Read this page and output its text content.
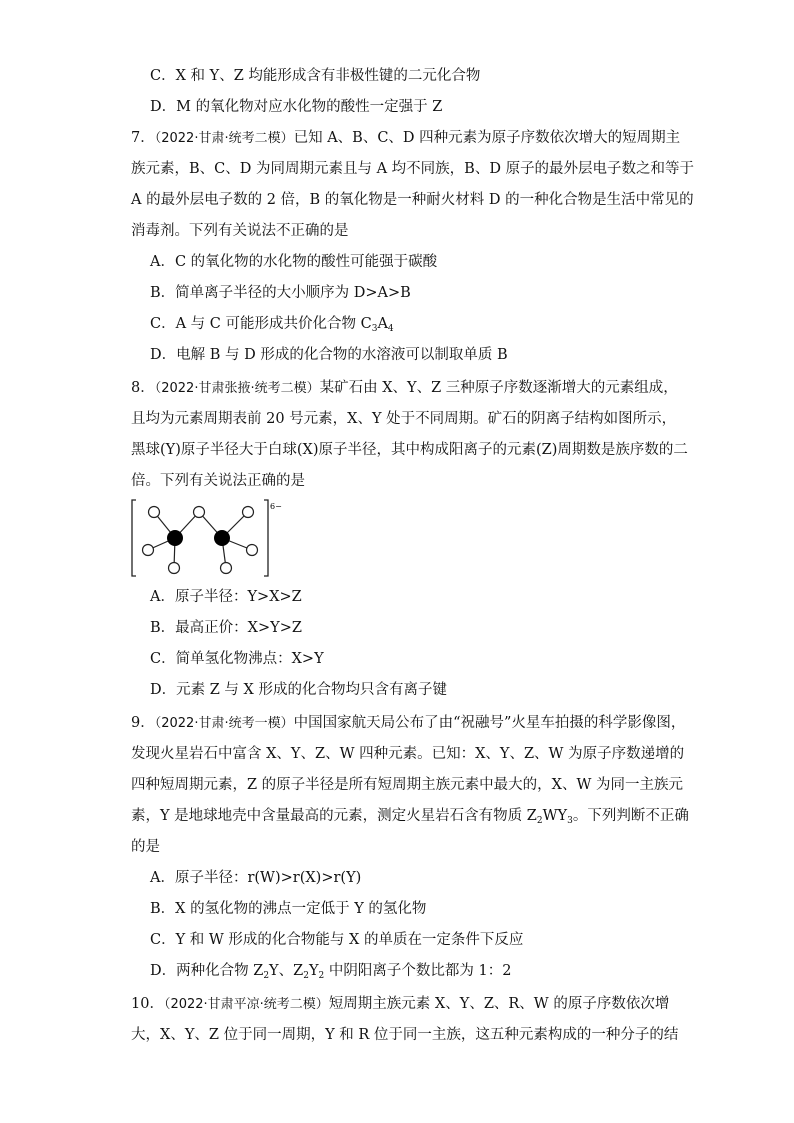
C．X 和 Y、Z 均能形成含有非极性键的二元化合物
D．M 的氧化物对应水化物的酸性一定强于 Z
7．（2022·甘肃·统考二模）已知 A、B、C、D 四种元素为原子序数依次增大的短周期主
族元素，B、C、D 为同周期元素且与 A 均不同族，B、D 原子的最外层电子数之和等于
A 的最外层电子数的 2 倍，B 的氧化物是一种耐火材料 D 的一种化合物是生活中常见的
消毒剂。下列有关说法不正确的是
A．C 的氧化物的水化物的酸性可能强于碳酸
B．简单离子半径的大小顺序为 D>A>B
C．A 与 C 可能形成共价化合物 $C_3A_4$
D．电解 B 与 D 形成的化合物的水溶液可以制取单质 B
8．（2022·甘肃张掖·统考二模）某矿石由 X、Y、Z 三种原子序数逐渐增大的元素组成，
且均为元素周期表前 20 号元素，X、Y 处于不同周期。矿石的阴离子结构如图所示，
黑球(Y)原子半径大于白球(X)原子半径，其中构成阳离子的元素(Z)周期数是族序数的二
倍。下列有关说法正确的是
6−
A．原子半径：Y>X>Z
B．最高正价：X>Y>Z
C．简单氢化物沸点：X>Y
D．元素 Z 与 X 形成的化合物均只含有离子键
9．（2022·甘肃·统考一模）中国国家航天局公布了由“祝融号”火星车拍摄的科学影像图，
发现火星岩石中富含 X、Y、Z、W 四种元素。已知：X、Y、Z、W 为原子序数递增的
四种短周期元素，Z 的原子半径是所有短周期主族元素中最大的，X、W 为同一主族元
素，Y 是地球地壳中含量最高的元素，测定火星岩石含有物质 $Z_2WY_3$。下列判断不正确
的是
A．原子半径：r(W)>r(X)>r(Y)
B．X 的氢化物的沸点一定低于 Y 的氢化物
C．Y 和 W 形成的化合物能与 X 的单质在一定条件下反应
D．两种化合物 $Z_2Y$、$Z_2Y_2$ 中阴阳离子个数比都为 1：2
10．（2022·甘肃平凉·统考二模）短周期主族元素 X、Y、Z、R、W 的原子序数依次增
大，X、Y、Z 位于同一周期，Y 和 R 位于同一主族，这五种元素构成的一种分子的结
